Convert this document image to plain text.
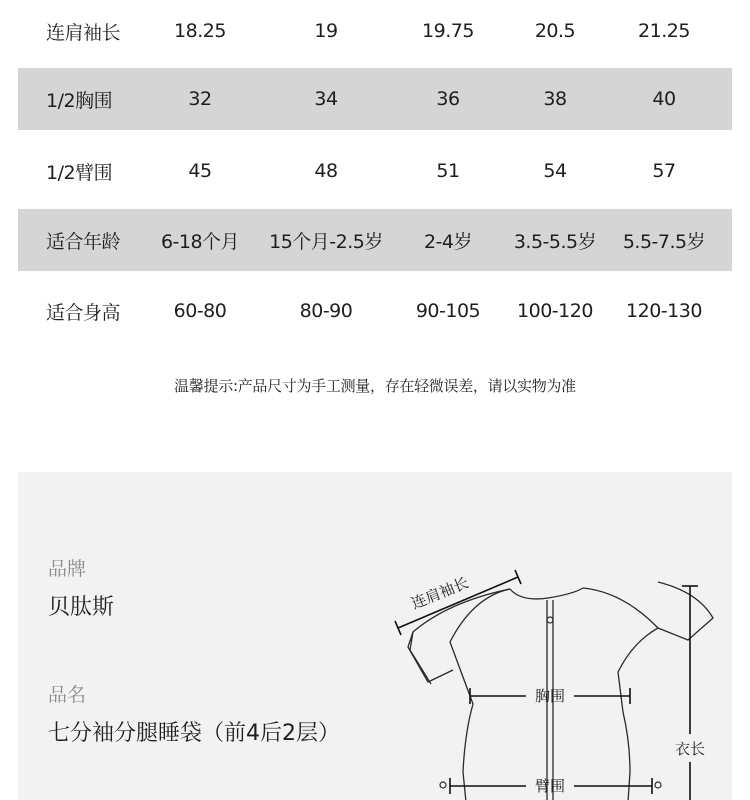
连肩袖长	18.25	19	19.75	20.5	21.25
1/2胸围	32	34	36	38	40
1/2臂围	45	48	51	54	57
适合年龄	6-18个月	15个月-2.5岁	2-4岁	3.5-5.5岁	5.5-7.5岁
适合身高	60-80	80-90	90-105	100-120	120-130
温馨提示:产品尺寸为手工测量，存在轻微误差，请以实物为准
品牌
贝肽斯
品名
七分袖分腿睡袋（前4后2层）
连肩袖长
胸围
臂围
衣长
